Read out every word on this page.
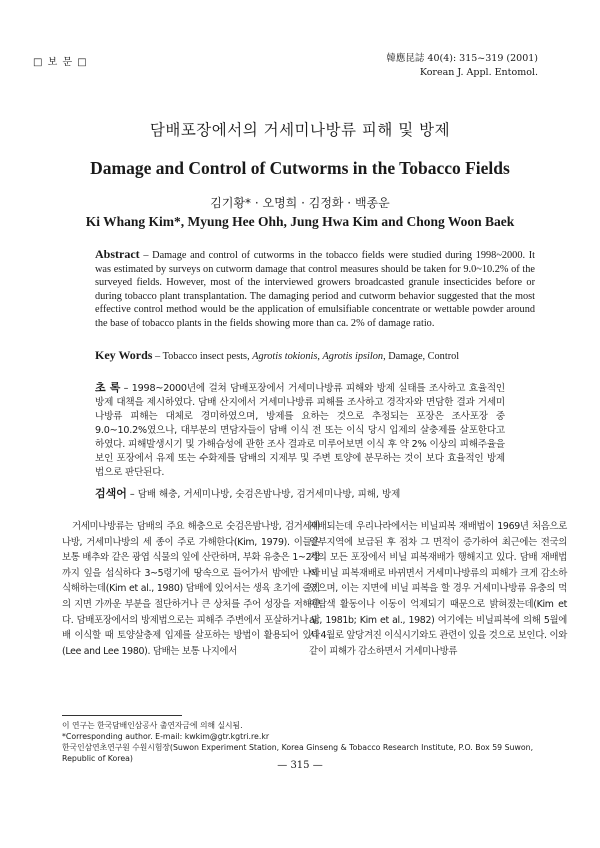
□ 보 문 □	韓應昆誌 40(4): 315~319 (2001)
Korean J. Appl. Entomol.
담배포장에서의 거세미나방류 피해 및 방제
Damage and Control of Cutworms in the Tobacco Fields
김기황* · 오명희 · 김정화 · 백종운
Ki Whang Kim*, Myung Hee Ohh, Jung Hwa Kim and Chong Woon Baek
Abstract – Damage and control of cutworms in the tobacco fields were studied during 1998~2000. It was estimated by surveys on cutworm damage that control measures should be taken for 9.0~10.2% of the surveyed fields. However, most of the interviewed growers broadcasted granule insecticides before or during tobacco plant transplantation. The damaging period and cutworm behavior suggested that the most effective control method would be the application of emulsifiable concentrate or wettable powder around the base of tobacco plants in the fields showing more than ca. 2% of damage ratio.
Key Words – Tobacco insect pests, Agrotis tokionis, Agrotis ipsilon, Damage, Control
초 록 – 1998~2000년에 걸쳐 담배포장에서 거세미나방류 피해와 방제 실태를 조사하고 효율적인 방제 대책을 제시하였다. 담배 산지에서 거세미나방류 피해를 조사하고 경작자와 면담한 결과 거세미나방류 피해는 대체로 경미하였으며, 방제를 요하는 것으로 추정되는 포장은 조사포장 중 9.0~10.2%였으나, 대부분의 면담자들이 담배 이식 전 또는 이식 당시 입제의 살충제를 살포한다고 하였다. 피해발생시기 및 가해습성에 관한 조사 결과로 미루어보면 이식 후 약 2% 이상의 피해주율을 보인 포장에서 유제 또는 수화제를 담배의 지제부 및 주변 토양에 분무하는 것이 보다 효율적인 방제법으로 판단된다.
검색어 – 담배 해충, 거세미나방, 숫검은밤나방, 검거세미나방, 피해, 방제
거세미나방류는 담배의 주요 해충으로 숫검은밤나방, 검거세미나방, 거세미나방의 세 종이 주로 가해한다(Kim, 1979). 이들은 보통 배추와 같은 광엽 식물의 잎에 산란하며, 부화 유충은 1~2령까지 잎을 섭식하다 3~5령기에 땅속으로 들어가서 밤에만 나와 식해하는데(Kim et al., 1980) 담배에 있어서는 생육 초기에 줄기의 지면 가까운 부분을 절단하거나 큰 상처를 주어 성장을 저해한다. 담배포장에서의 방제법으로는 피해주 주변에서 포살하거나 담배 이식할 때 토양살충제 입제를 살포하는 방법이 활용되어 있다(Lee and Lee 1980). 담배는 보통 나지에서
재배되는데 우리나라에서는 비닐피복 재배법이 1969년 처음으로 일부지역에 보급된 후 점차 그 면적이 증가하여 최근에는 전국의 거의 모든 포장에서 비닐 피복재배가 행해지고 있다. 담배 재배법이 비닐 피복재배로 바뀌면서 거세미나방류의 피해가 크게 감소하였으며, 이는 지면에 비닐 피복을 할 경우 거세미나방류 유충의 먹이탐색 활동이나 이동이 억제되기 때문으로 밝혀졌는데(Kim et al., 1981b; Kim et al., 1982) 여기에는 비닐피복에 의해 5월에서 4월로 앞당겨진 이식시기와도 관련이 있을 것으로 보인다. 이와 같이 피해가 감소하면서 거세미나방류
이 연구는 한국담배인삼공사 출연자금에 의해 실시됨.
*Corresponding author. E-mail: kwkim@gtr.kgtri.re.kr
한국인삼연초연구원 수원시험장(Suwon Experiment Station, Korea Ginseng & Tobacco Research Institute, P.O. Box 59 Suwon, Republic of Korea)
— 315 —
